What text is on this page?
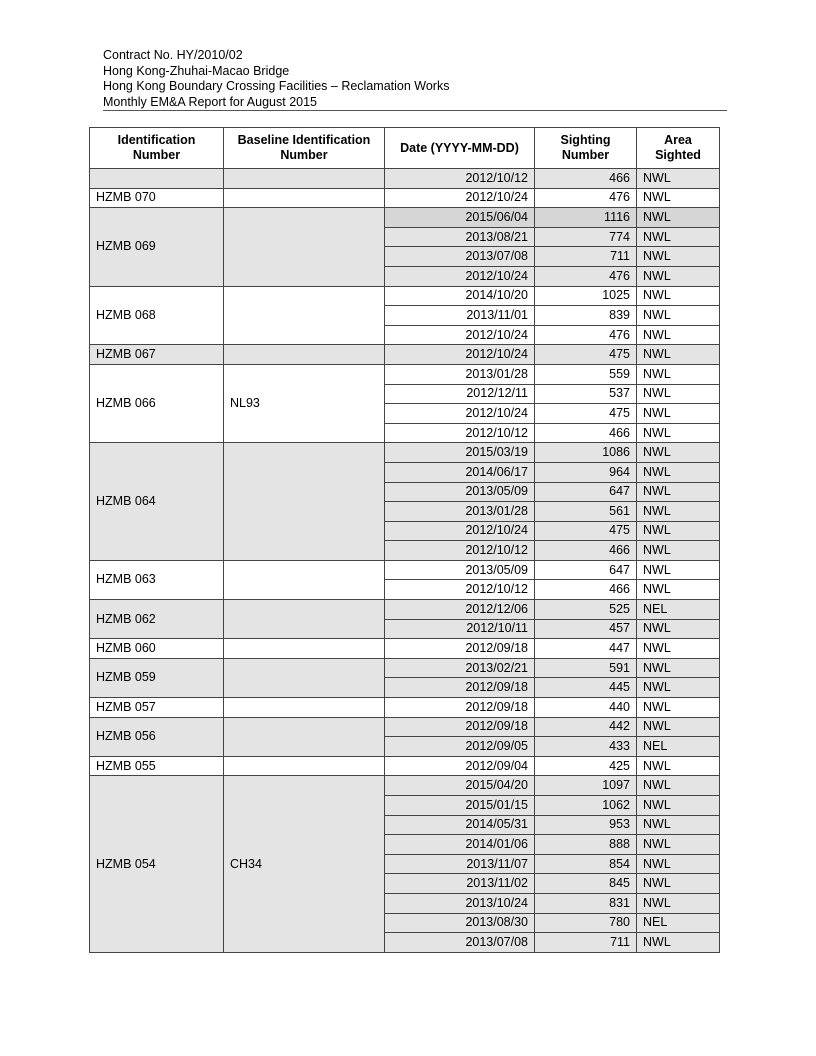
Contract No. HY/2010/02
Hong Kong-Zhuhai-Macao Bridge
Hong Kong Boundary Crossing Facilities – Reclamation Works
Monthly EM&A Report for August 2015
Identification Number	Baseline Identification Number	Date (YYYY-MM-DD)	Sighting Number	Area Sighted
		2012/10/12	466	NWL
HZMB 070		2012/10/24	476	NWL
HZMB 069		2015/06/04	1116	NWL
		2013/08/21	774	NWL
		2013/07/08	711	NWL
		2012/10/24	476	NWL
HZMB 068		2014/10/20	1025	NWL
		2013/11/01	839	NWL
		2012/10/24	476	NWL
HZMB 067		2012/10/24	475	NWL
HZMB 066	NL93	2013/01/28	559	NWL
		2012/12/11	537	NWL
		2012/10/24	475	NWL
		2012/10/12	466	NWL
HZMB 064		2015/03/19	1086	NWL
		2014/06/17	964	NWL
		2013/05/09	647	NWL
		2013/01/28	561	NWL
		2012/10/24	475	NWL
		2012/10/12	466	NWL
HZMB 063		2013/05/09	647	NWL
		2012/10/12	466	NWL
HZMB 062		2012/12/06	525	NEL
		2012/10/11	457	NWL
HZMB 060		2012/09/18	447	NWL
HZMB 059		2013/02/21	591	NWL
		2012/09/18	445	NWL
HZMB 057		2012/09/18	440	NWL
HZMB 056		2012/09/18	442	NWL
		2012/09/05	433	NEL
HZMB 055		2012/09/04	425	NWL
HZMB 054	CH34	2015/04/20	1097	NWL
		2015/01/15	1062	NWL
		2014/05/31	953	NWL
		2014/01/06	888	NWL
		2013/11/07	854	NWL
		2013/11/02	845	NWL
		2013/10/24	831	NWL
		2013/08/30	780	NEL
		2013/07/08	711	NWL
